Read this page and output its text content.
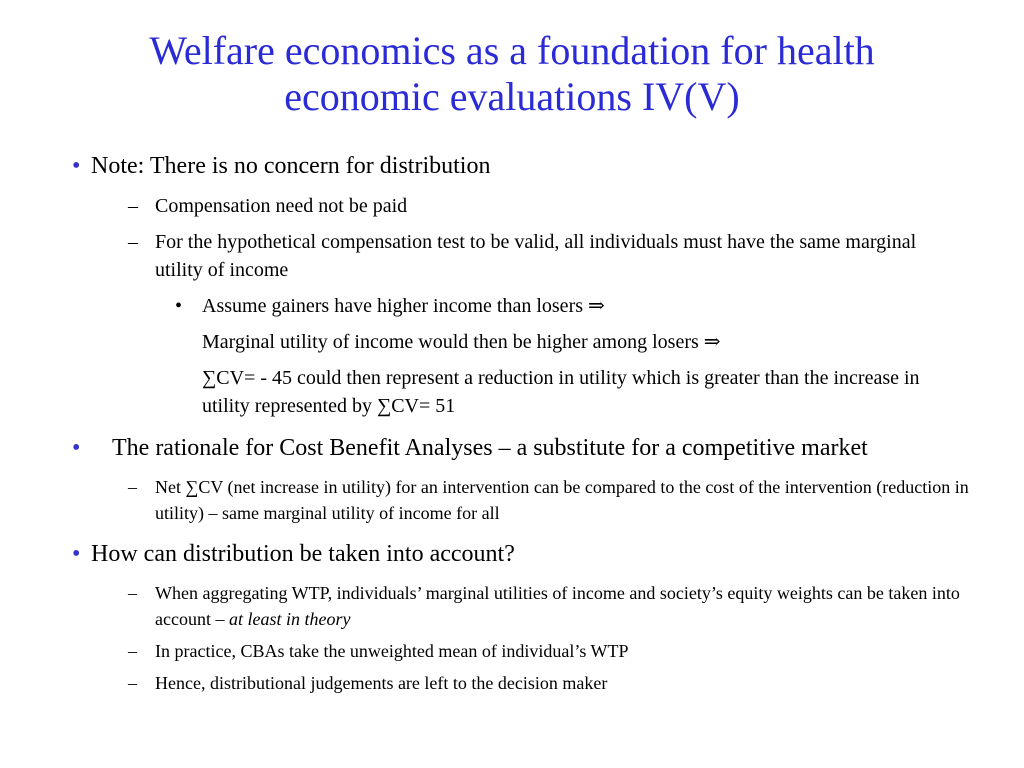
Welfare economics as a foundation for health
economic evaluations IV(V)
• Note: There is no concern for distribution
– Compensation need not be paid
– For the hypothetical compensation test to be valid, all individuals must have the same marginal utility of income
• Assume gainers have higher income than losers ⇒
Marginal utility of income would then be higher among losers ⇒
∑CV= - 45 could then represent a reduction in utility which is greater than the increase in utility represented by ∑CV= 51
• The rationale for Cost Benefit Analyses – a substitute for a competitive market
– Net ∑CV (net increase in utility) for an intervention can be compared to the cost of the intervention (reduction in utility) – same marginal utility of income for all
• How can distribution be taken into account?
– When aggregating WTP, individuals’ marginal utilities of income and society’s equity weights can be taken into account – at least in theory
– In practice, CBAs take the unweighted mean of individual’s WTP
– Hence, distributional judgements are left to the decision maker
